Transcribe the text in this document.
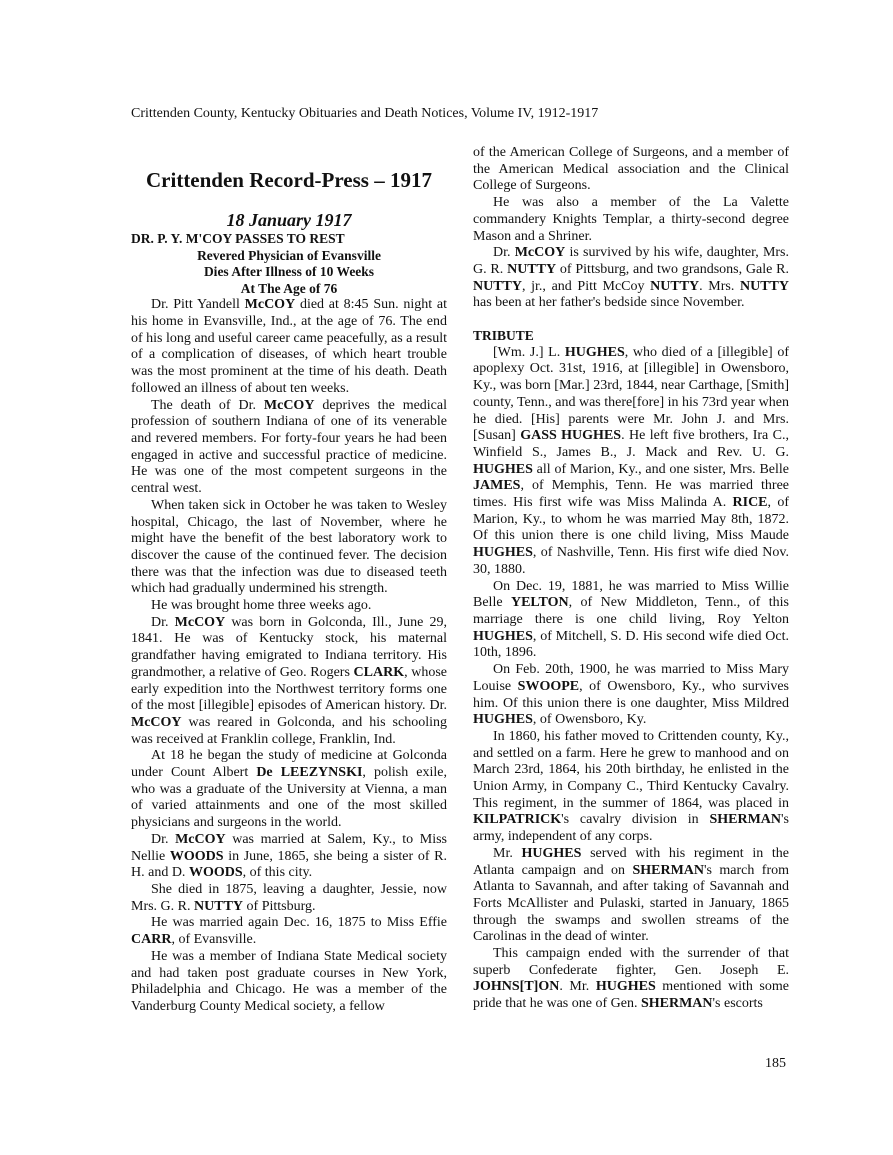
Crittenden County, Kentucky Obituaries and Death Notices, Volume IV, 1912-1917
Crittenden Record-Press – 1917
18 January 1917
DR. P. Y. M'COY PASSES TO REST
Revered Physician of Evansville
Dies After Illness of 10 Weeks
At The Age of 76

Dr. Pitt Yandell McCOY died at 8:45 Sun. night at his home in Evansville, Ind., at the age of 76. The end of his long and useful career came peacefully, as a result of a complication of diseases, of which heart trouble was the most prominent at the time of his death. Death followed an illness of about ten weeks.

The death of Dr. McCOY deprives the medical profession of southern Indiana of one of its venerable and revered members. For forty-four years he had been engaged in active and successful practice of medicine. He was one of the most competent surgeons in the central west.

When taken sick in October he was taken to Wesley hospital, Chicago, the last of November, where he might have the benefit of the best laboratory work to discover the cause of the continued fever. The decision there was that the infection was due to diseased teeth which had gradually undermined his strength.

He was brought home three weeks ago.

Dr. McCOY was born in Golconda, Ill., June 29, 1841. He was of Kentucky stock, his maternal grandfather having emigrated to Indiana territory. His grandmother, a relative of Geo. Rogers CLARK, whose early expedition into the Northwest territory forms one of the most [illegible] episodes of American history. Dr. McCOY was reared in Golconda, and his schooling was received at Franklin college, Franklin, Ind.

At 18 he began the study of medicine at Golconda under Count Albert De LEEZYNSKI, polish exile, who was a graduate of the University at Vienna, a man of varied attainments and one of the most skilled physicians and surgeons in the world.

Dr. McCOY was married at Salem, Ky., to Miss Nellie WOODS in June, 1865, she being a sister of R. H. and D. WOODS, of this city.

She died in 1875, leaving a daughter, Jessie, now Mrs. G. R. NUTTY of Pittsburg.

He was married again Dec. 16, 1875 to Miss Effie CARR, of Evansville.

He was a member of Indiana State Medical society and had taken post graduate courses in New York, Philadelphia and Chicago. He was a member of the Vanderburg County Medical society, a fellow

of the American College of Surgeons, and a member of the American Medical association and the Clinical College of Surgeons.

He was also a member of the La Valette commandery Knights Templar, a thirty-second degree Mason and a Shriner.

Dr. McCOY is survived by his wife, daughter, Mrs. G. R. NUTTY of Pittsburg, and two grandsons, Gale R. NUTTY, jr., and Pitt McCoy NUTTY. Mrs. NUTTY has been at her father's bedside since November.

TRIBUTE

[Wm. J.] L. HUGHES, who died of a [illegible] of apoplexy Oct. 31st, 1916, at [illegible] in Owensboro, Ky., was born [Mar.] 23rd, 1844, near Carthage, [Smith] county, Tenn., and was there[fore] in his 73rd year when he died. [His] parents were Mr. John J. and Mrs. [Susan] GASS HUGHES. He left five brothers, Ira C., Winfield S., James B., J. Mack and Rev. U. G. HUGHES all of Marion, Ky., and one sister, Mrs. Belle JAMES, of Memphis, Tenn. He was married three times. His first wife was Miss Malinda A. RICE, of Marion, Ky., to whom he was married May 8th, 1872. Of this union there is one child living, Miss Maude HUGHES, of Nashville, Tenn. His first wife died Nov. 30, 1880.

On Dec. 19, 1881, he was married to Miss Willie Belle YELTON, of New Middleton, Tenn., of this marriage there is one child living, Roy Yelton HUGHES, of Mitchell, S. D. His second wife died Oct. 10th, 1896.

On Feb. 20th, 1900, he was married to Miss Mary Louise SWOOPE, of Owensboro, Ky., who survives him. Of this union there is one daughter, Miss Mildred HUGHES, of Owensboro, Ky.

In 1860, his father moved to Crittenden county, Ky., and settled on a farm. Here he grew to manhood and on March 23rd, 1864, his 20th birthday, he enlisted in the Union Army, in Company C., Third Kentucky Cavalry. This regiment, in the summer of 1864, was placed in KILPATRICK's cavalry division in SHERMAN's army, independent of any corps.

Mr. HUGHES served with his regiment in the Atlanta campaign and on SHERMAN's march from Atlanta to Savannah, and after taking of Savannah and Forts McAllister and Pulaski, started in January, 1865 through the swamps and swollen streams of the Carolinas in the dead of winter.

This campaign ended with the surrender of that superb Confederate fighter, Gen. Joseph E. JOHNS[T]ON. Mr. HUGHES mentioned with some pride that he was one of Gen. SHERMAN's escorts

185
